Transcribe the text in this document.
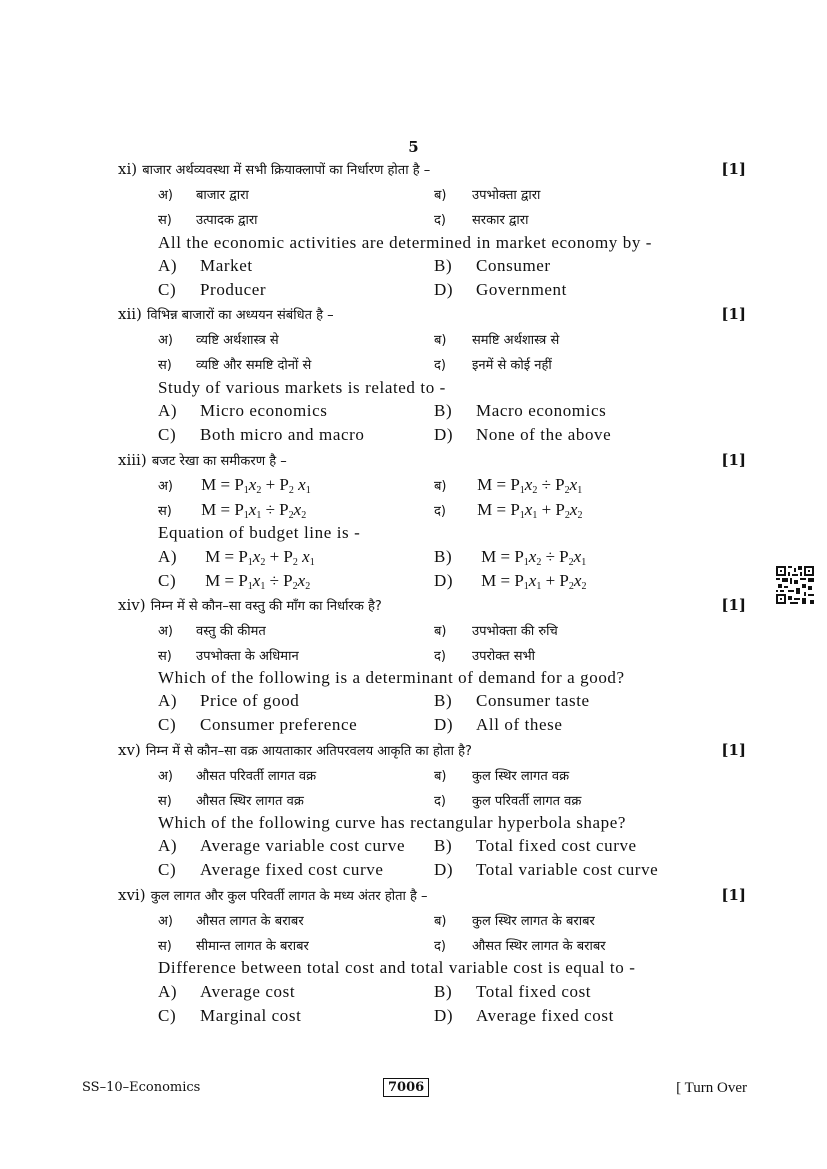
5
xi) बाजार अर्थव्यवस्था में सभी क्रियाक्लापों का निर्धारण होता है –	[1]
अ) बाजार द्वारा	ब) उपभोक्ता द्वारा
स) उत्पादक द्वारा	द) सरकार द्वारा
All the economic activities are determined in market economy by -
A) Market	B) Consumer
C) Producer	D) Government
xii) विभिन्न बाजारों का अध्ययन संबंधित है –	[1]
अ) व्यष्टि अर्थशास्त्र से	ब) समष्टि अर्थशास्त्र से
स) व्यष्टि और समष्टि दोनों से	द) इनमें से कोई नहीं
Study of various markets is related to -
A) Micro economics	B) Macro economics
C) Both micro and macro	D) None of the above
xiii) बजट रेखा का समीकरण है –	[1]
अ) $M = P_1x_2 + P_2$ $x_1$	ब) $M = P_1x_2 \div P_2x_1$
स) $M = P_1x_1 \div P_2x_2$	द) $M = P_1x_1 + P_2x_2$
Equation of budget line is -
A) $M = P_1x_2 + P_2$ $x_1$	B) $M = P_1x_2 \div P_2x_1$
C) $M = P_1x_1 \div P_2x_2$	D) $M = P_1x_1 + P_2x_2$
xiv) निम्न में से कौन–सा वस्तु की माँग का निर्धारक है?	[1]
अ) वस्तु की कीमत	ब) उपभोक्ता की रुचि
स) उपभोक्ता के अधिमान	द) उपरोक्त सभी
Which of the following is a determinant of demand for a good?
A) Price of good	B) Consumer taste
C) Consumer preference	D) All of these
xv) निम्न में से कौन–सा वक्र आयताकार अतिपरवलय आकृति का होता है?	[1]
अ) औसत परिवर्ती लागत वक्र	ब) कुल स्थिर लागत वक्र
स) औसत स्थिर लागत वक्र	द) कुल परिवर्ती लागत वक्र
Which of the following curve has rectangular hyperbola shape?
A) Average variable cost curve B) Total fixed cost curve
C) Average fixed cost curve	D) Total variable cost curve
xvi) कुल लागत और कुल परिवर्ती लागत के मध्य अंतर होता है –	[1]
अ) औसत लागत के बराबर	ब) कुल स्थिर लागत के बराबर
स) सीमान्त लागत के बराबर	द) औसत स्थिर लागत के बराबर
Difference between total cost and total variable cost is equal to -
A) Average cost	B) Total fixed cost
C) Marginal cost	D) Average fixed cost
SS–10–Economics	7006	[ Turn Over
